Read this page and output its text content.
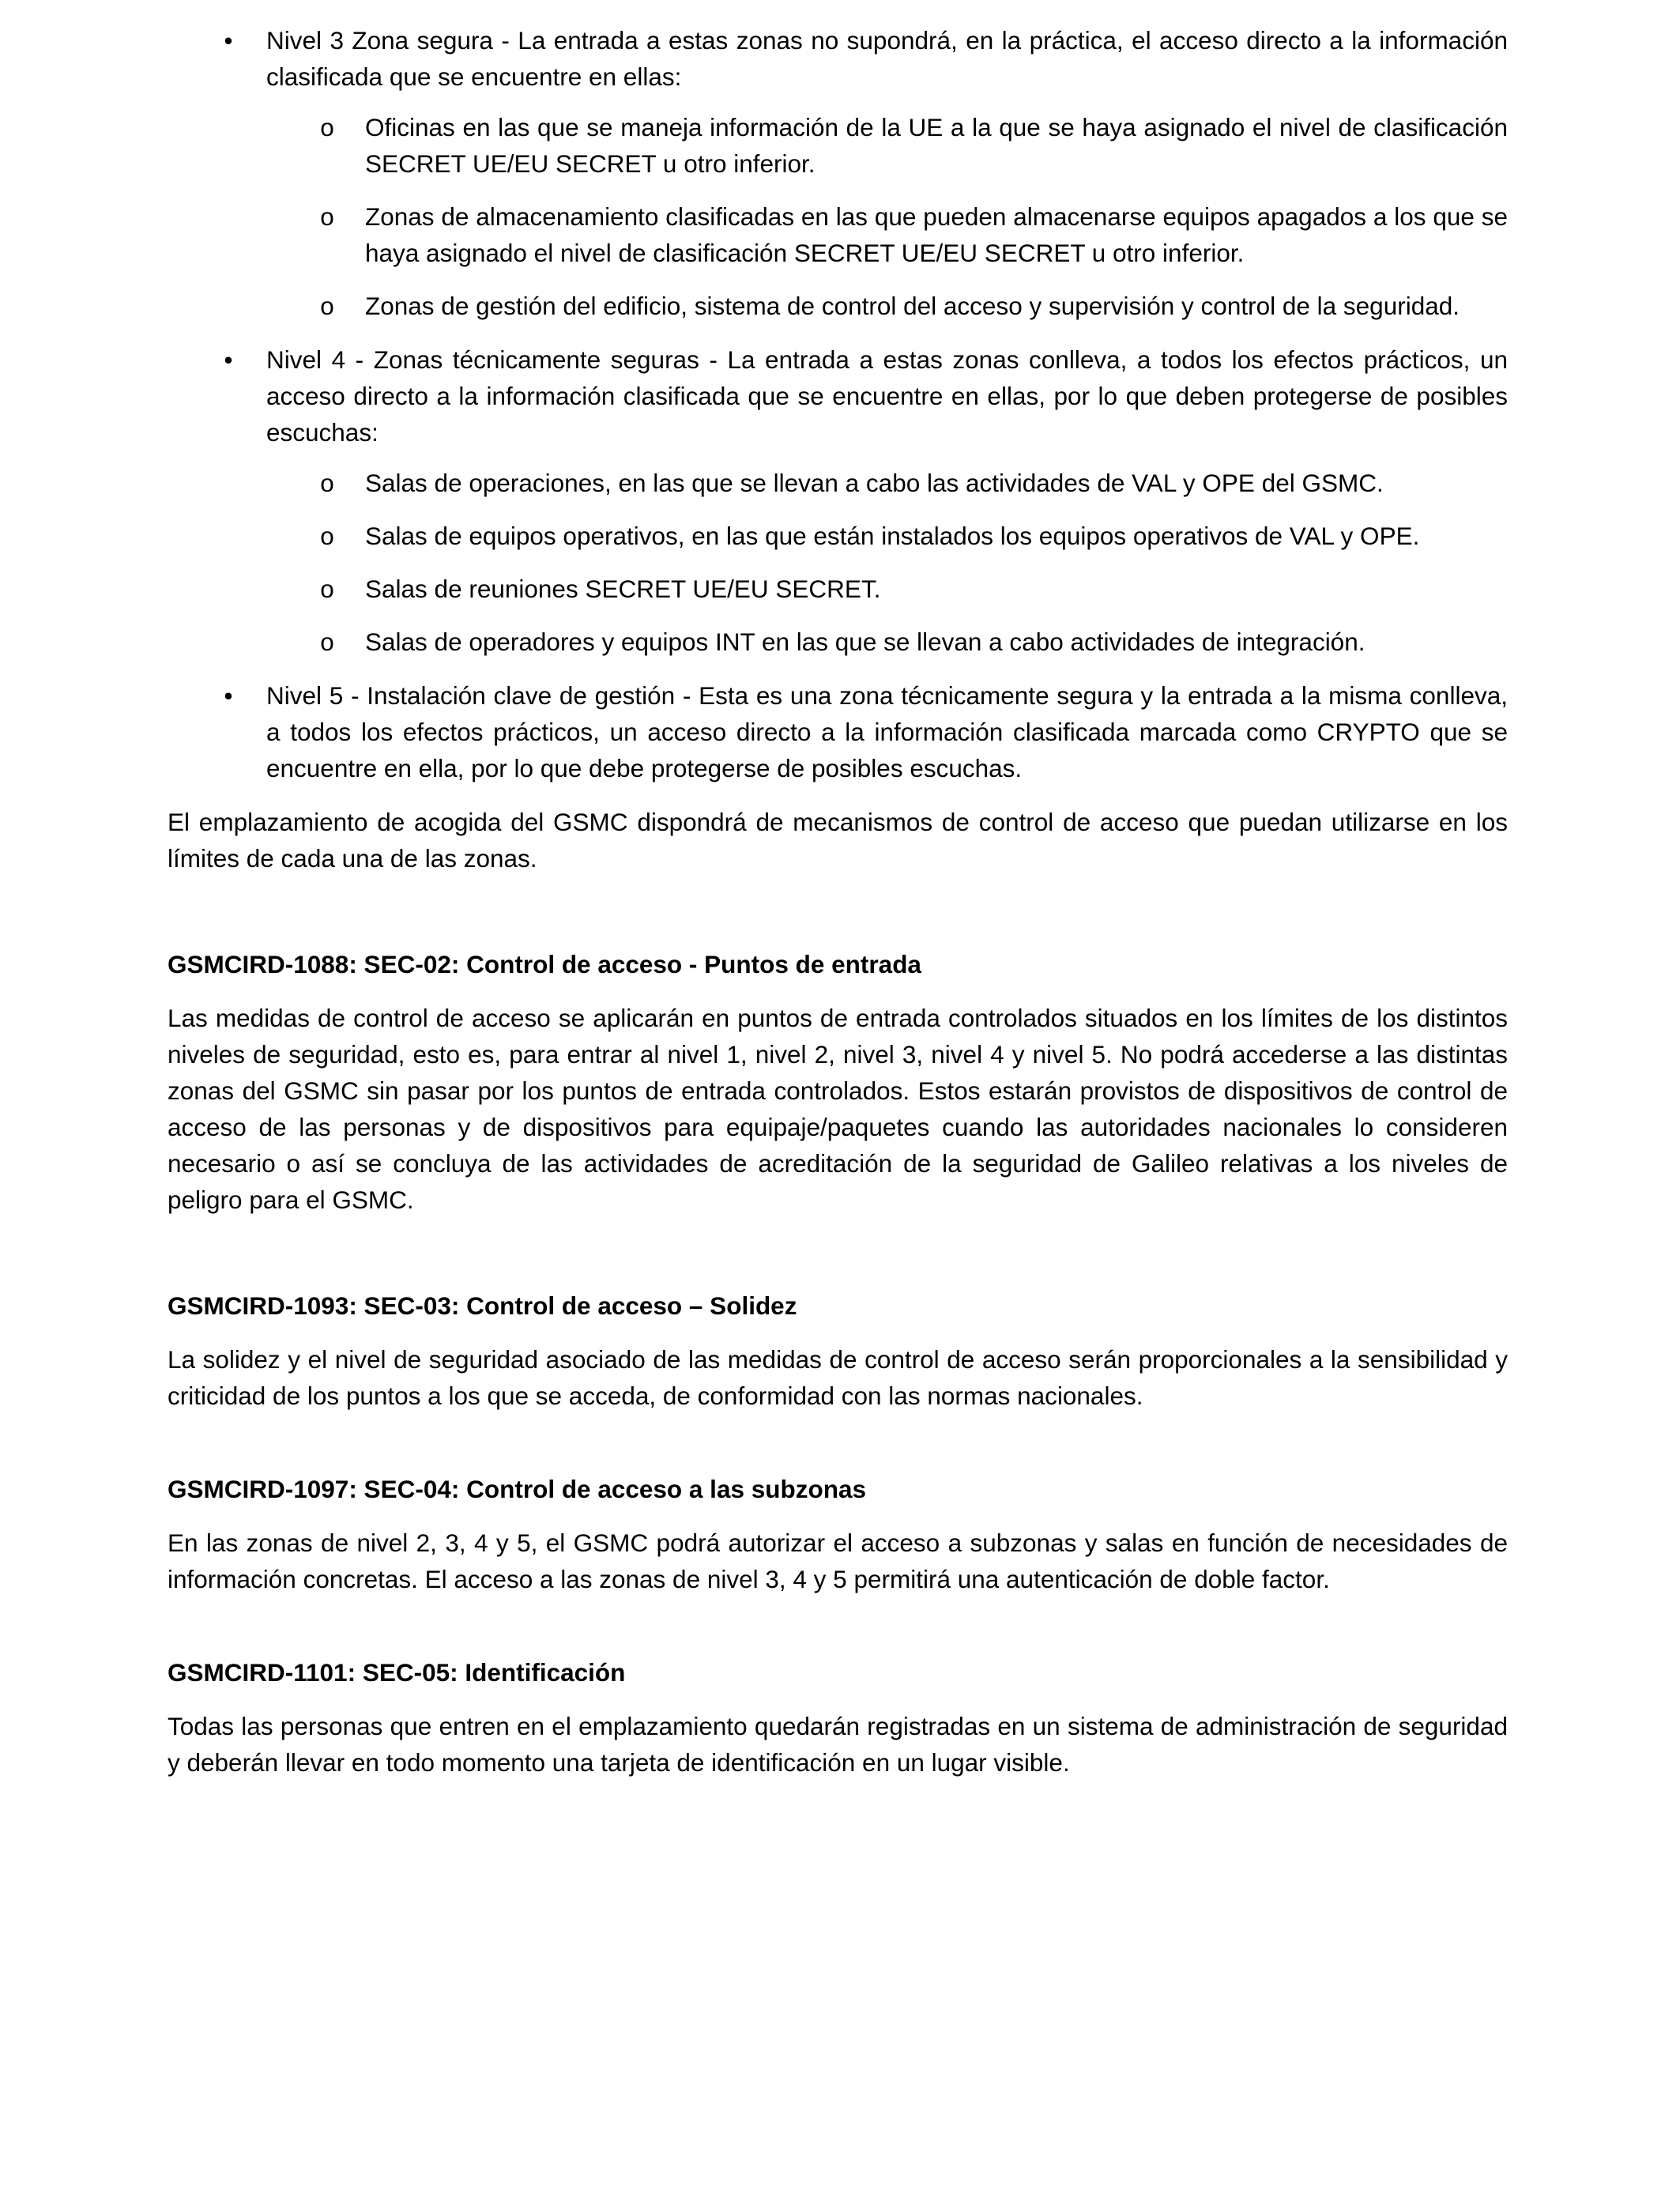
• Nivel 3 Zona segura - La entrada a estas zonas no supondrá, en la práctica, el acceso directo a la información clasificada que se encuentre en ellas:

o Oficinas en las que se maneja información de la UE a la que se haya asignado el nivel de clasificación SECRET UE/EU SECRET u otro inferior.

o Zonas de almacenamiento clasificadas en las que pueden almacenarse equipos apagados a los que se haya asignado el nivel de clasificación SECRET UE/EU SECRET u otro inferior.

o Zonas de gestión del edificio, sistema de control del acceso y supervisión y control de la seguridad.

• Nivel 4 - Zonas técnicamente seguras - La entrada a estas zonas conlleva, a todos los efectos prácticos, un acceso directo a la información clasificada que se encuentre en ellas, por lo que deben protegerse de posibles escuchas:

o Salas de operaciones, en las que se llevan a cabo las actividades de VAL y OPE del GSMC.

o Salas de equipos operativos, en las que están instalados los equipos operativos de VAL y OPE.

o Salas de reuniones SECRET UE/EU SECRET.

o Salas de operadores y equipos INT en las que se llevan a cabo actividades de integración.

• Nivel 5 - Instalación clave de gestión - Esta es una zona técnicamente segura y la entrada a la misma conlleva, a todos los efectos prácticos, un acceso directo a la información clasificada marcada como CRYPTO que se encuentre en ella, por lo que debe protegerse de posibles escuchas.

El emplazamiento de acogida del GSMC dispondrá de mecanismos de control de acceso que puedan utilizarse en los límites de cada una de las zonas.

GSMCIRD-1088: SEC-02: Control de acceso - Puntos de entrada

Las medidas de control de acceso se aplicarán en puntos de entrada controlados situados en los límites de los distintos niveles de seguridad, esto es, para entrar al nivel 1, nivel 2, nivel 3, nivel 4 y nivel 5. No podrá accederse a las distintas zonas del GSMC sin pasar por los puntos de entrada controlados. Estos estarán provistos de dispositivos de control de acceso de las personas y de dispositivos para equipaje/paquetes cuando las autoridades nacionales lo consideren necesario o así se concluya de las actividades de acreditación de la seguridad de Galileo relativas a los niveles de peligro para el GSMC.

GSMCIRD-1093: SEC-03: Control de acceso – Solidez

La solidez y el nivel de seguridad asociado de las medidas de control de acceso serán proporcionales a la sensibilidad y criticidad de los puntos a los que se acceda, de conformidad con las normas nacionales.

GSMCIRD-1097: SEC-04: Control de acceso a las subzonas

En las zonas de nivel 2, 3, 4 y 5, el GSMC podrá autorizar el acceso a subzonas y salas en función de necesidades de información concretas. El acceso a las zonas de nivel 3, 4 y 5 permitirá una autenticación de doble factor.

GSMCIRD-1101: SEC-05: Identificación

Todas las personas que entren en el emplazamiento quedarán registradas en un sistema de administración de seguridad y deberán llevar en todo momento una tarjeta de identificación en un lugar visible.
